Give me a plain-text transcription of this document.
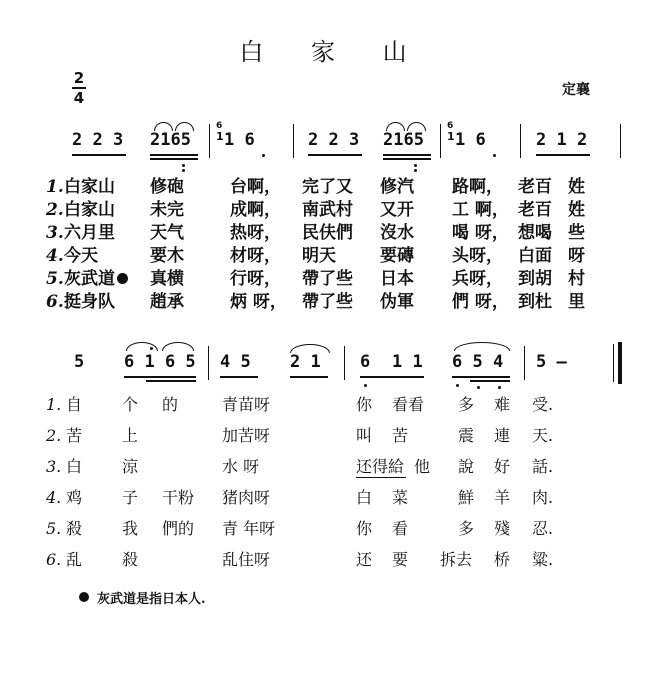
白 家 山
2
4	定襄
2 2 3 2165
6
1 1 6	2 2 3 2165
6
1 1 6	2 1 2
1. 白家山 修砲	台啊， 完了又 修汽 路啊， 老百 姓
2. 白家山 未完	成啊， 南武村 又开 工 啊， 老百 姓
3. 六月里 天气	热呀， 民伕們 沒水 喝 呀， 想喝 些
4. 今天	要木	材呀， 明天	要磚 头呀， 白面 呀
5. 灰武道 真横	行呀， 帶了些 日本 兵呀， 到胡 村
6. 挺身队 趙承	炳 呀， 帶了些 伪軍 們 呀， 到杜 里
5 6 1 6 5 4 5 2 1 6 1 1 6 5 4 5 –
1. 自 个 的	青苗呀	你 看看 多 难 受.
2. 苦 上	加苦呀	叫 苦	震 連 天.
3. 白 涼	水 呀	还得給 他 說 好 話.
4. 鸡 子 干粉 猪肉呀	白 菜	鮮 羊 肉.
5. 殺 我 們的 青 年呀	你 看	多 殘 忍.
6. 乱 殺	乱住呀	还 要 拆去 桥 粱.
灰武道是指日本人.
